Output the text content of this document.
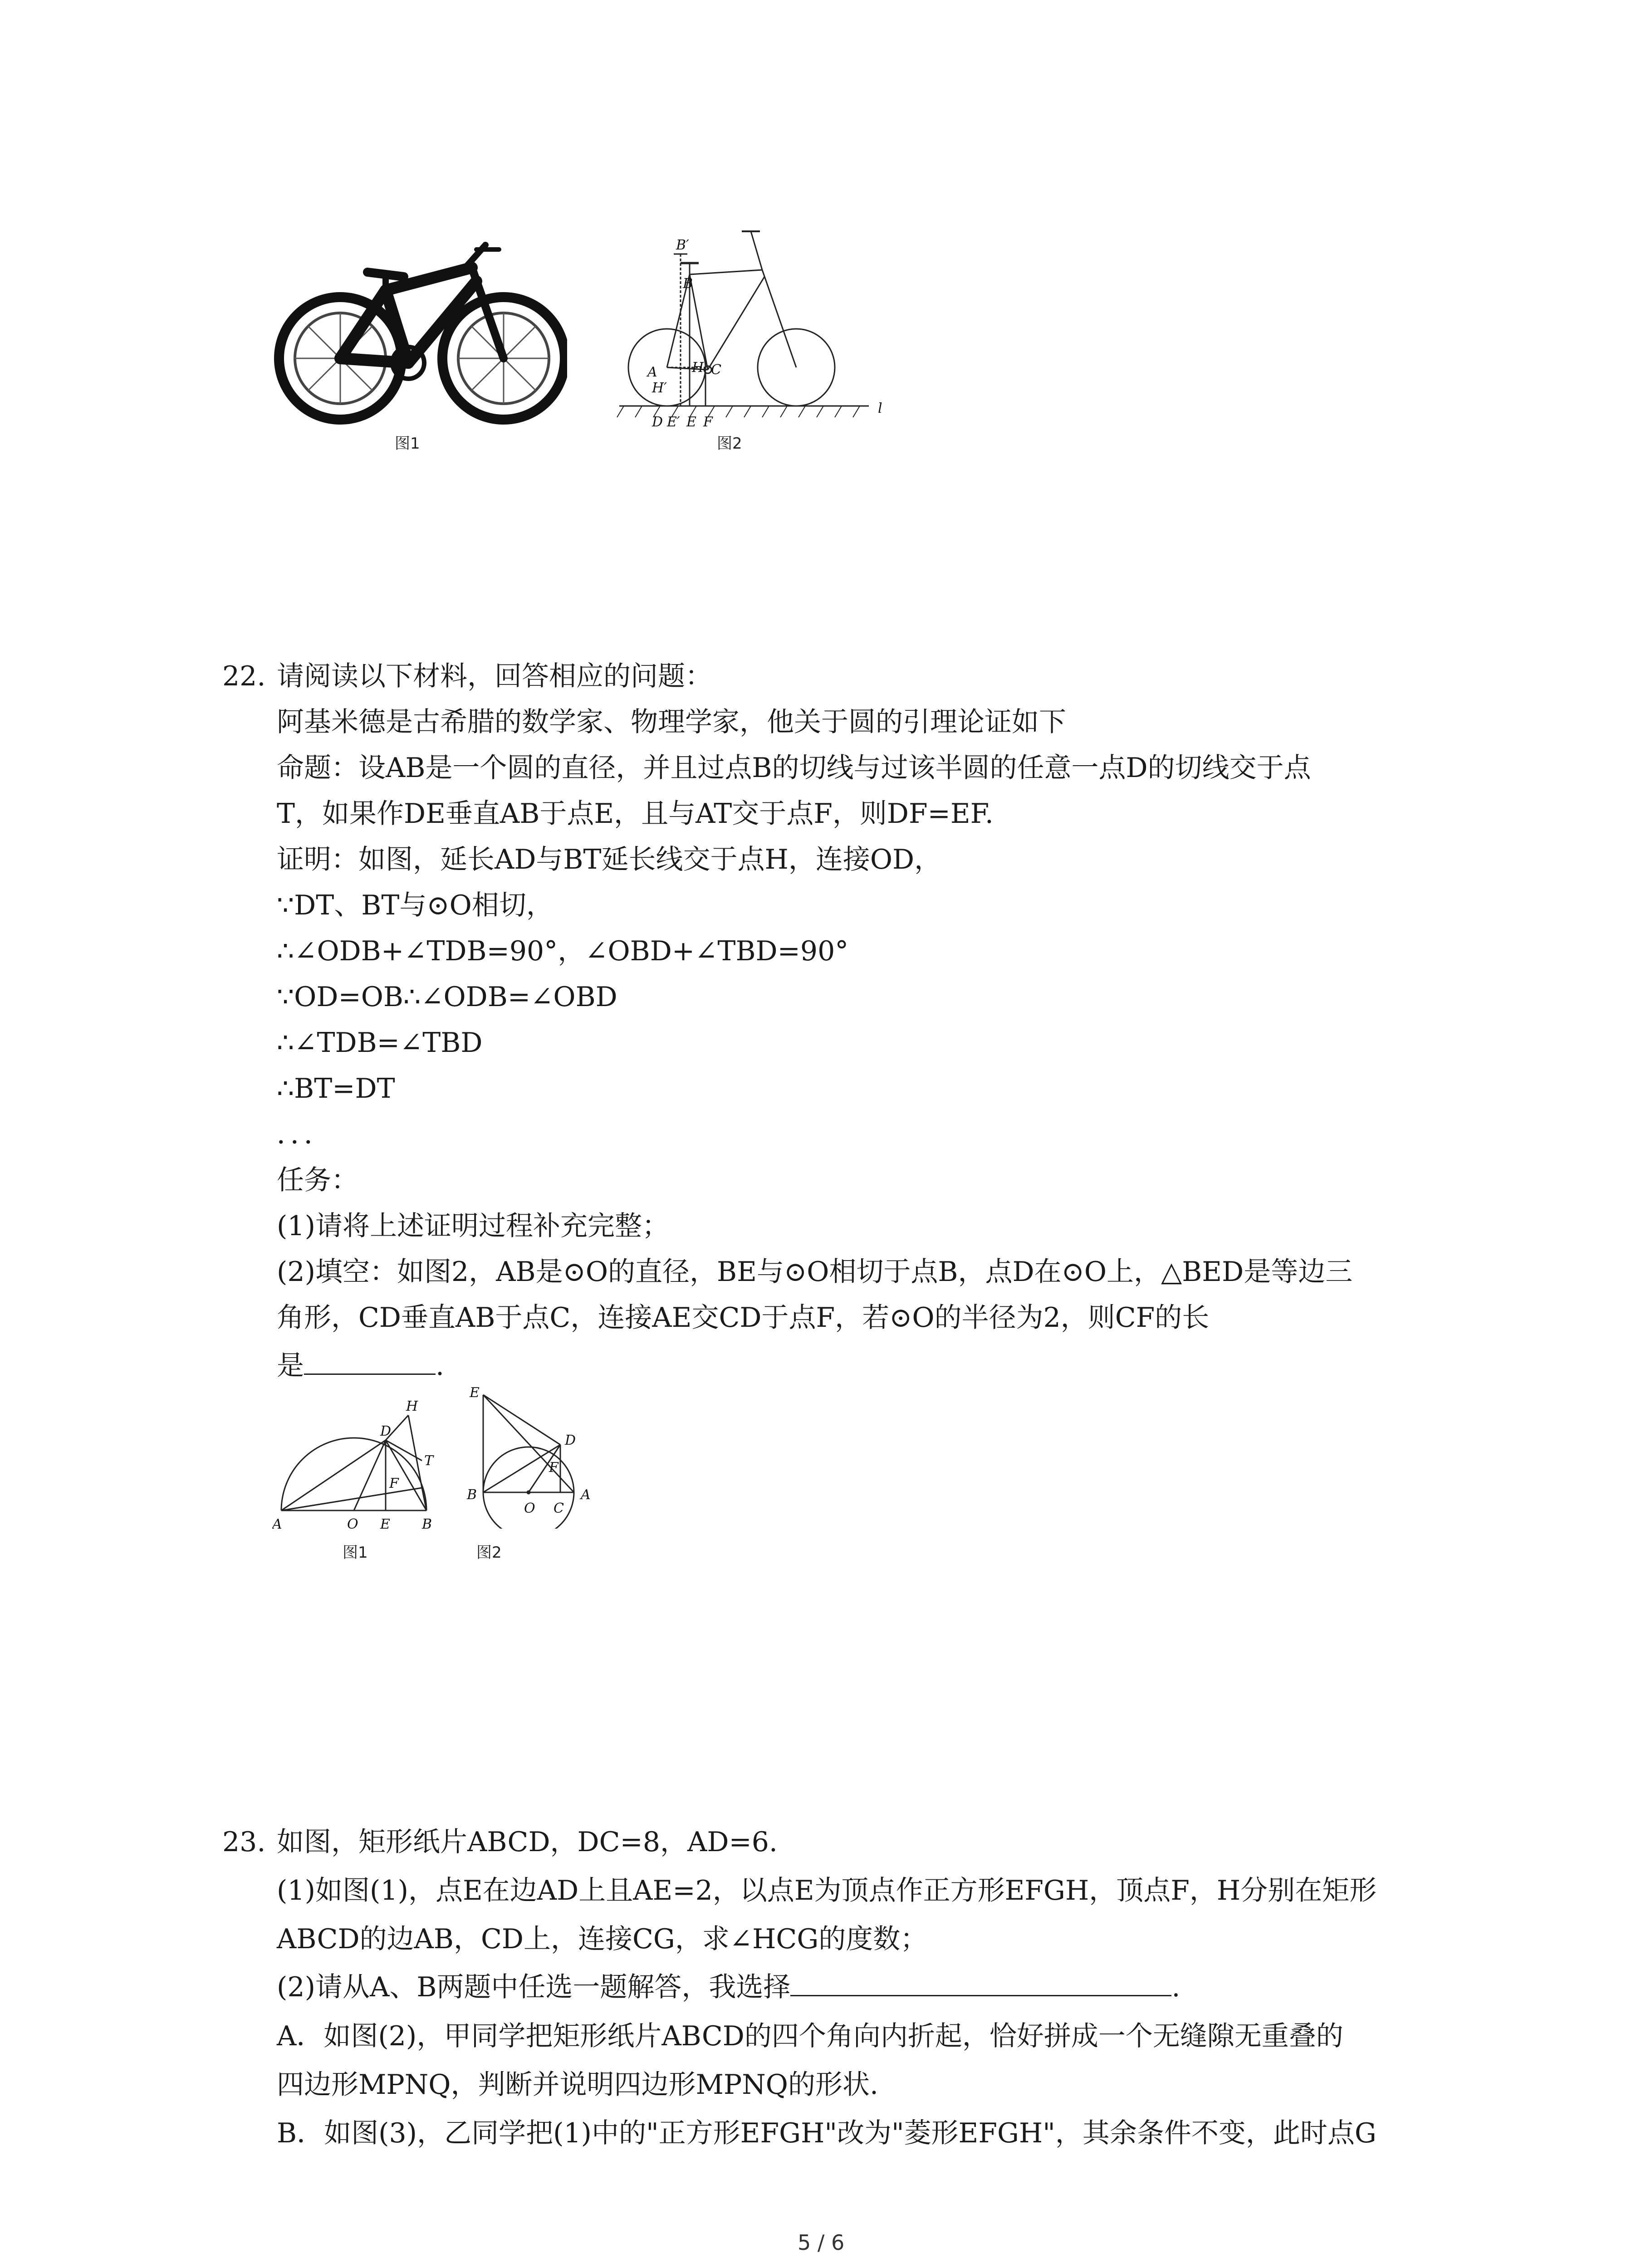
图1
B′
B
A	H
H′
C
D E′ E F
l
图2
22. 请阅读以下材料，回答相应的问题：
阿基米德是古希腊的数学家、物理学家，他关于圆的引理论证如下
命题：设AB是一个圆的直径，并且过点B的切线与过该半圆的任意一点D的切线交于点
T，如果作DE垂直AB于点E，且与AT交于点F，则DF=EF.
证明：如图，延长AD与BT延长线交于点H，连接OD，
∵DT、BT与⊙O相切，
∴∠ODB+∠TDB=90°，∠OBD+∠TBD=90°
∵OD=OB∴∠ODB=∠OBD
∴∠TDB=∠TBD
∴BT=DT
．．．
任务：
(1)请将上述证明过程补充完整；
(2)填空：如图2，AB是⊙O的直径，BE与⊙O相切于点B，点D在⊙O上，△BED是等边三
角形，CD垂直AB于点C，连接AE交CD于点F，若⊙O的半径为2，则CF的长
是	.
D
H
T
F
A	O E B
图1
E
D
F
B
O C
A
图2
23. 如图，矩形纸片ABCD，DC=8，AD=6.
(1)如图(1)，点E在边AD上且AE=2，以点E为顶点作正方形EFGH，顶点F，H分别在矩形
ABCD的边AB，CD上，连接CG，求∠HCG的度数；
(2)请从A、B两题中任选一题解答，我选择	.
A．如图(2)，甲同学把矩形纸片ABCD的四个角向内折起，恰好拼成一个无缝隙无重叠的
四边形MPNQ，判断并说明四边形MPNQ的形状.
B．如图(3)，乙同学把(1)中的"正方形EFGH"改为"菱形EFGH"，其余条件不变，此时点G
5 / 6
